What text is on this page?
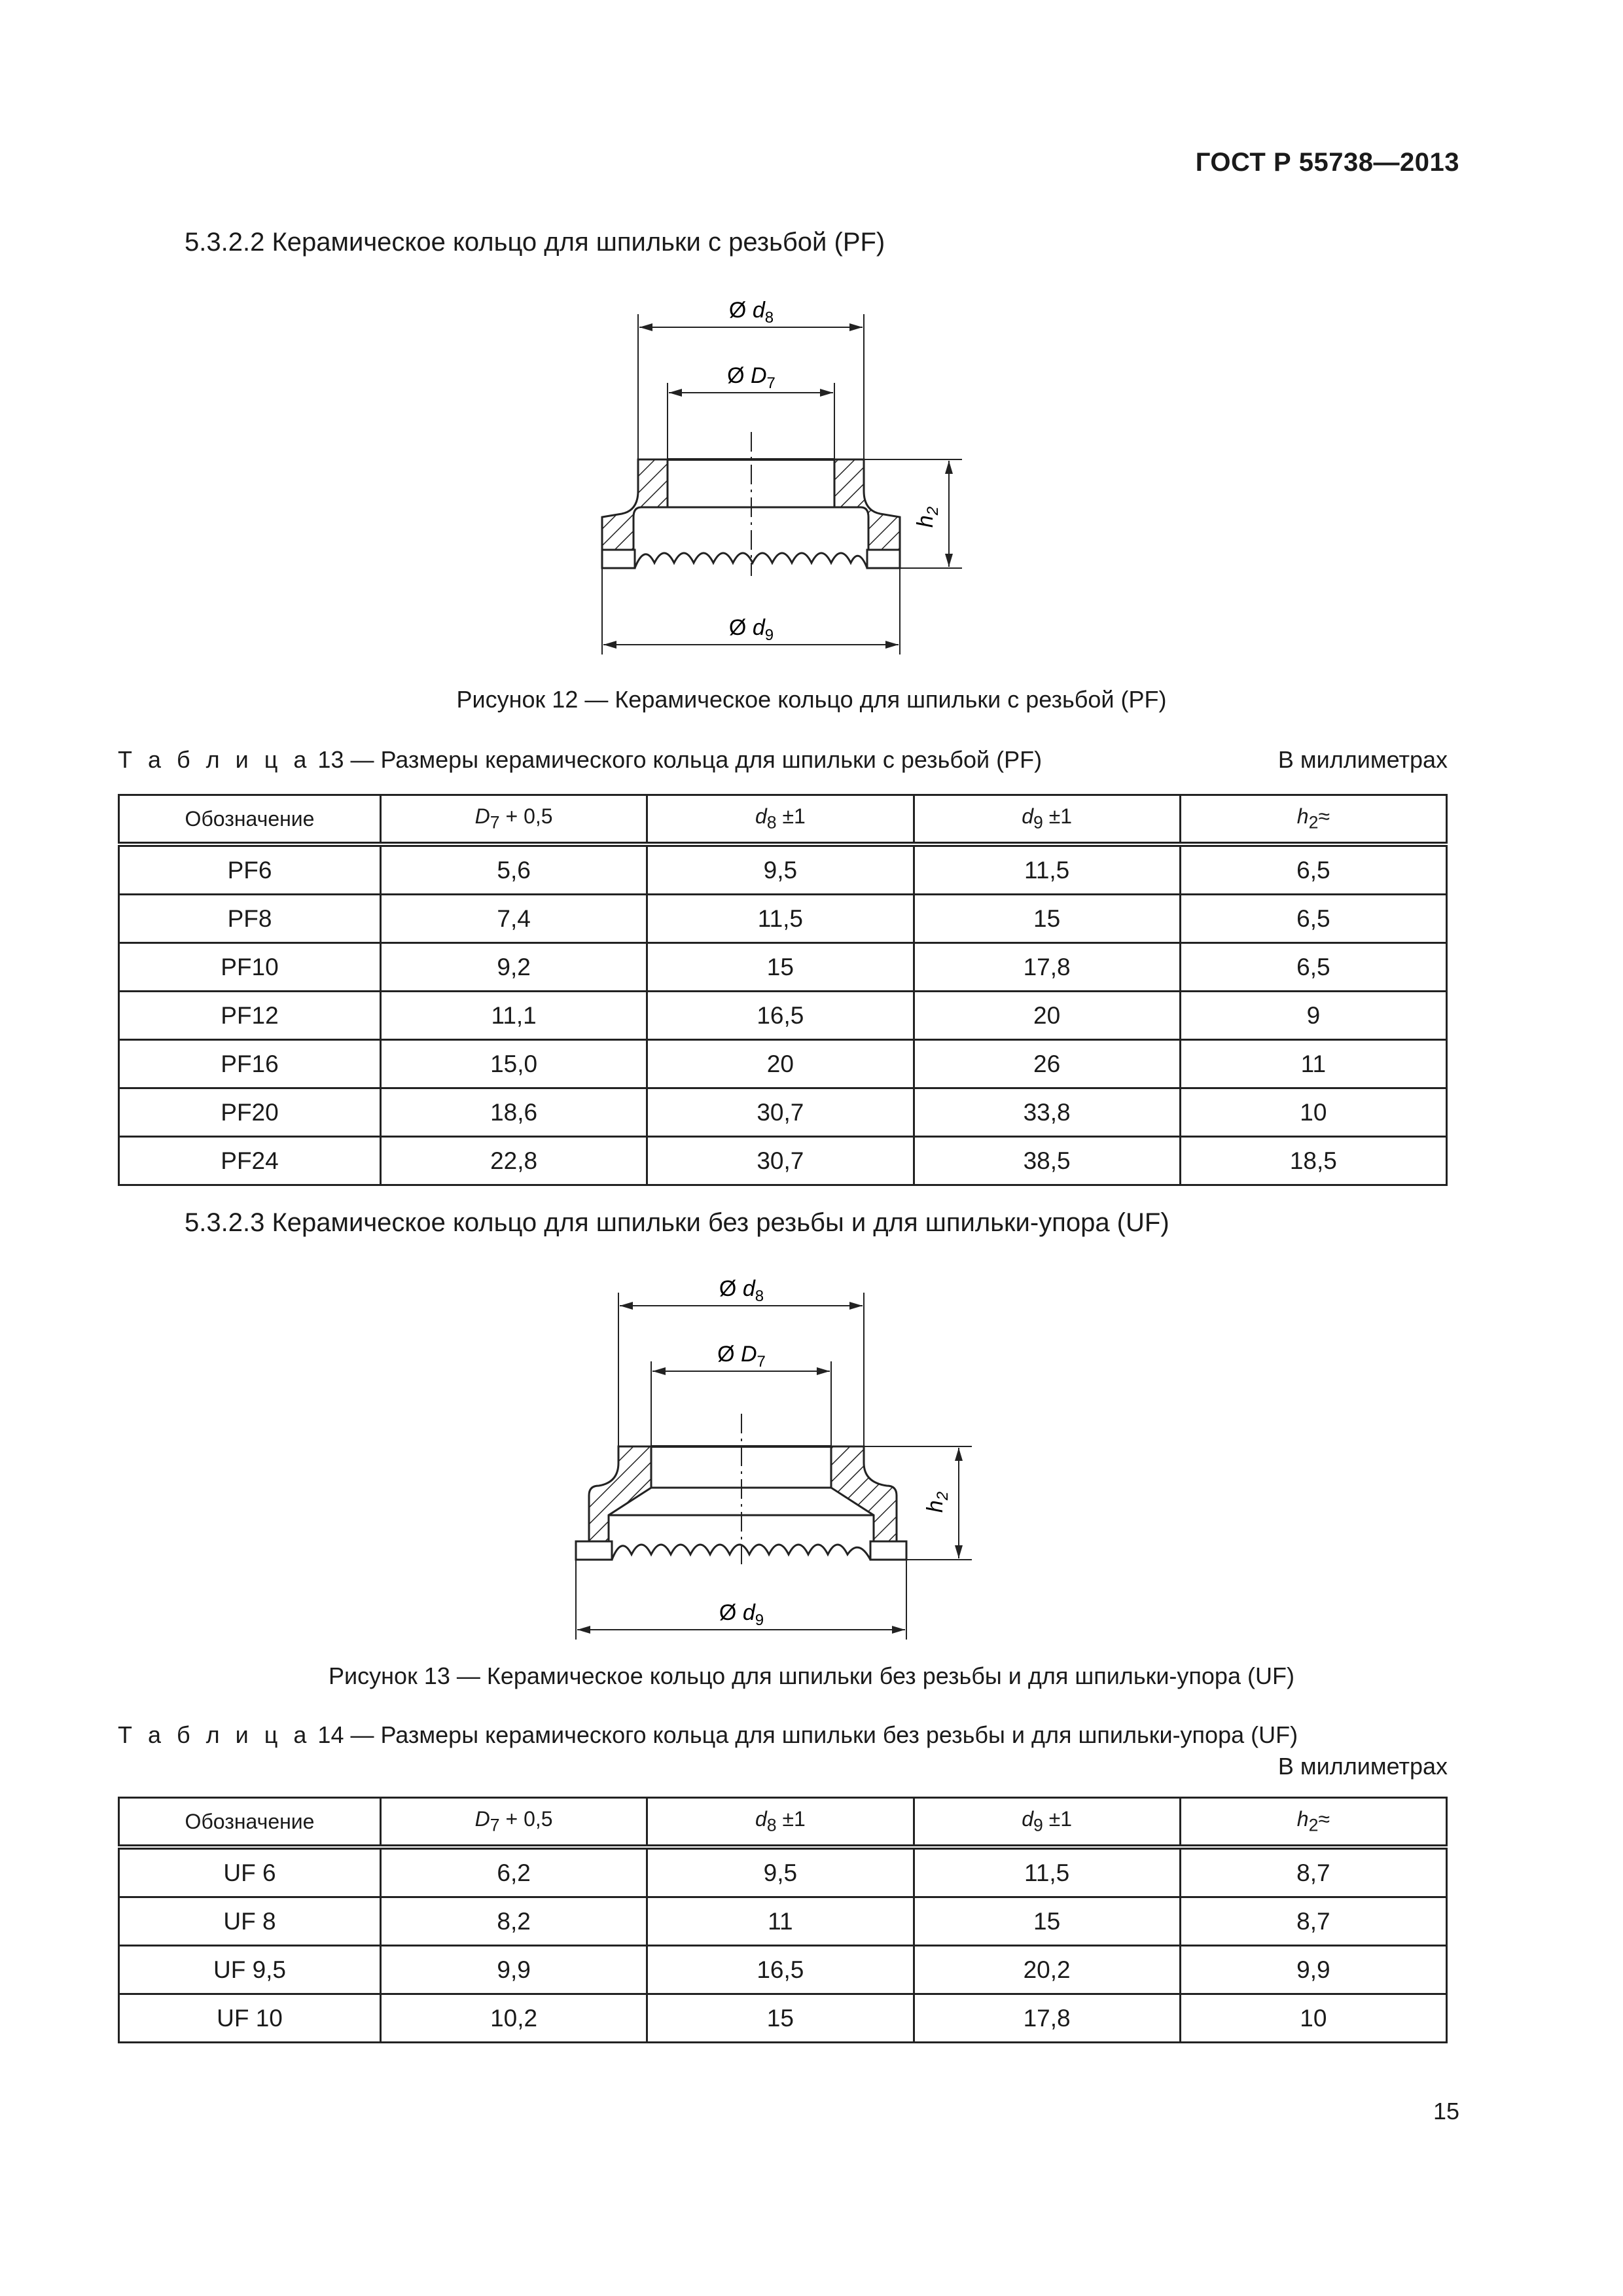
ГОСТ Р 55738—2013
5.3.2.2 Керамическое кольцо для шпильки с резьбой (PF)
Ø $d_8$
Ø $D_7$
$h_2$
Ø $d_9$
Рисунок 12 — Керамическое кольцо для шпильки с резьбой (PF)
Т а б л и ц а 13 — Размеры керамического кольца для шпильки с резьбой (PF)	В миллиметрах
Обозначение	$D_7 + 0,5$	$d_8 \pm 1$	$d_9 \pm 1$	$h_2\approx$
PF6	5,6	9,5	11,5	6,5
PF8	7,4	11,5	15	6,5
PF10	9,2	15	17,8	6,5
PF12	11,1	16,5	20	9
PF16	15,0	20	26	11
PF20	18,6	30,7	33,8	10
PF24	22,8	30,7	38,5	18,5
5.3.2.3 Керамическое кольцо для шпильки без резьбы и для шпильки-упора (UF)
Ø $d_8$
Ø $D_7$
$h_2$
Ø $d_9$
Рисунок 13 — Керамическое кольцо для шпильки без резьбы и для шпильки-упора (UF)
Т а б л и ц а 14 — Размеры керамического кольца для шпильки без резьбы и для шпильки-упора (UF)
В миллиметрах
Обозначение	$D_7 + 0,5$	$d_8 \pm 1$	$d_9 \pm 1$	$h_2\approx$
UF 6	6,2	9,5	11,5	8,7
UF 8	8,2	11	15	8,7
UF 9,5	9,9	16,5	20,2	9,9
UF 10	10,2	15	17,8	10
15
